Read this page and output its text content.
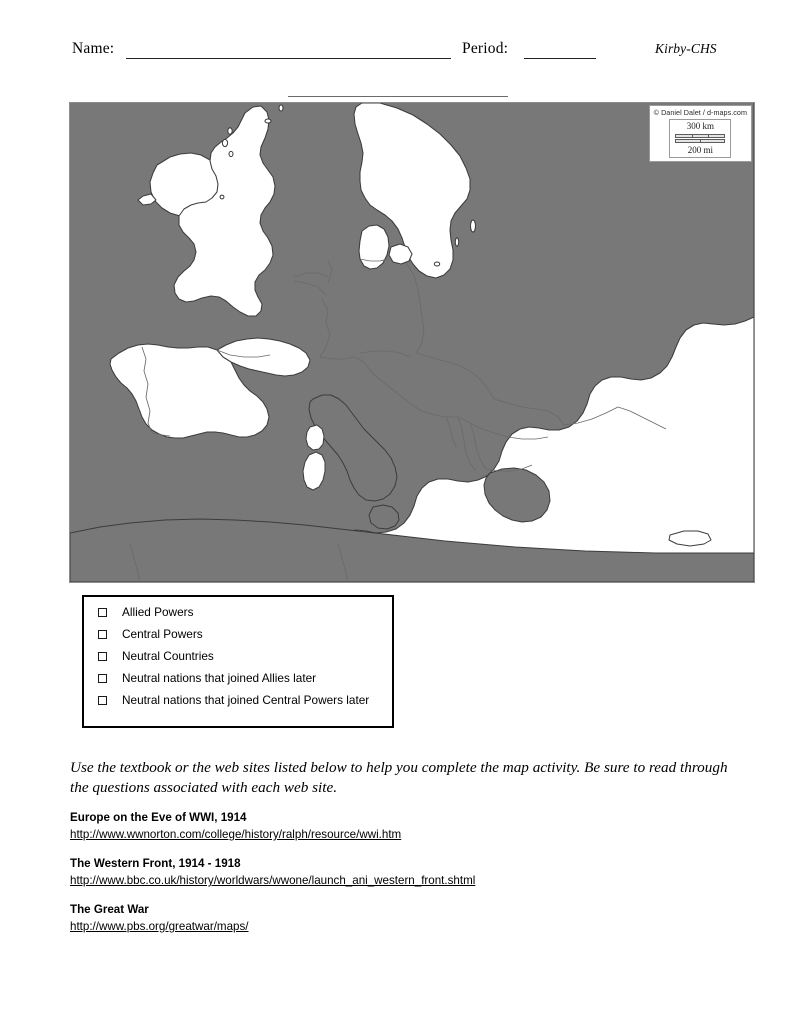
Name:	Period:	Kirby-CHS
© Daniel Dalet / d-maps.com
300 km
200 mi
Allied Powers
Central Powers
Neutral Countries
Neutral nations that joined Allies later
Neutral nations that joined Central Powers later
Use the textbook or the web sites listed below to help you complete the map activity. Be sure to read through the questions associated with each web site.
Europe on the Eve of WWI, 1914
http://www.wwnorton.com/college/history/ralph/resource/wwi.htm
The Western Front, 1914 - 1918
http://www.bbc.co.uk/history/worldwars/wwone/launch_ani_western_front.shtml
The Great War
http://www.pbs.org/greatwar/maps/
